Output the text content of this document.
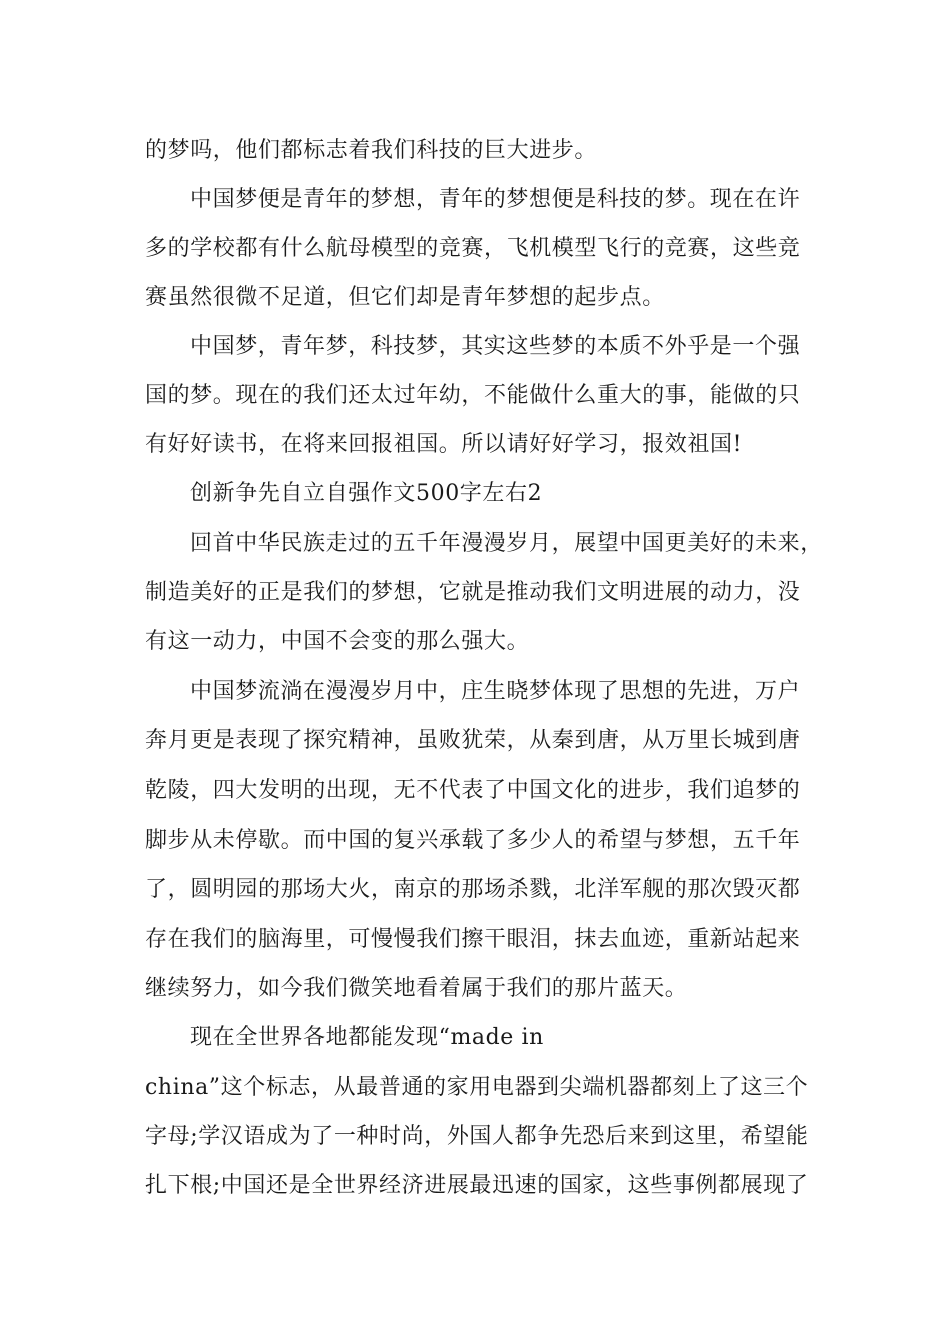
的梦吗，他们都标志着我们科技的巨大进步。

中国梦便是青年的梦想，青年的梦想便是科技的梦。现在在许

多的学校都有什么航母模型的竞赛，飞机模型飞行的竞赛，这些竞

赛虽然很微不足道，但它们却是青年梦想的起步点。

中国梦，青年梦，科技梦，其实这些梦的本质不外乎是一个强

国的梦。现在的我们还太过年幼，不能做什么重大的事，能做的只

有好好读书，在将来回报祖国。所以请好好学习，报效祖国!

创新争先自立自强作文500字左右2

回首中华民族走过的五千年漫漫岁月，展望中国更美好的未来，

制造美好的正是我们的梦想，它就是推动我们文明进展的动力，没

有这一动力，中国不会变的那么强大。

中国梦流淌在漫漫岁月中，庄生晓梦体现了思想的先进，万户

奔月更是表现了探究精神，虽败犹荣，从秦到唐，从万里长城到唐

乾陵，四大发明的出现，无不代表了中国文化的进步，我们追梦的

脚步从未停歇。而中国的复兴承载了多少人的希望与梦想，五千年

了，圆明园的那场大火，南京的那场杀戮，北洋军舰的那次毁灭都

存在我们的脑海里，可慢慢我们擦干眼泪，抹去血迹，重新站起来

继续努力，如今我们微笑地看着属于我们的那片蓝天。

现在全世界各地都能发现“made in

china”这个标志，从最普通的家用电器到尖端机器都刻上了这三个

字母;学汉语成为了一种时尚，外国人都争先恐后来到这里，希望能

扎下根;中国还是全世界经济进展最迅速的国家，这些事例都展现了
